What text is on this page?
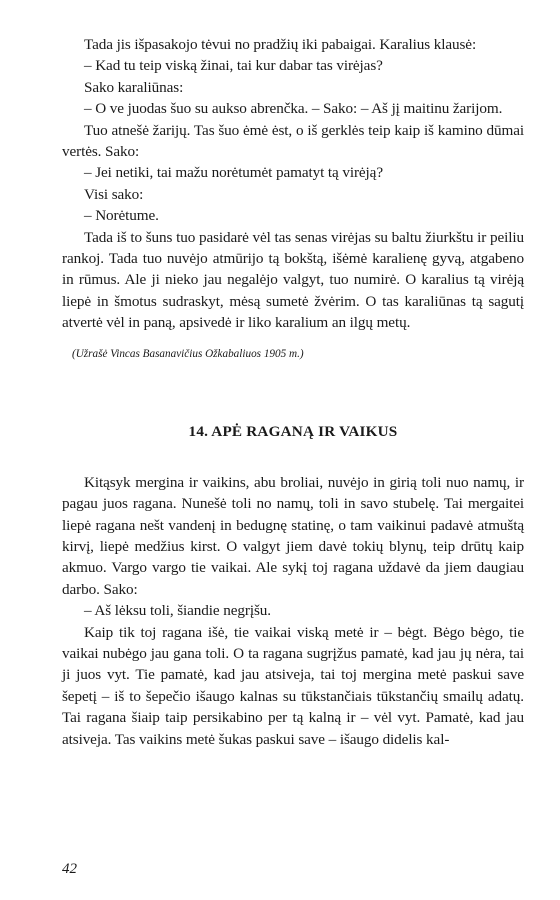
Tada jis išpasakojo tėvui no pradžių iki pabaigai. Karalius klausė:

– Kad tu teip viską žinai, tai kur dabar tas virėjas?

Sako karaliūnas:

– O ve juodas šuo su aukso abrenčka. – Sako: – Aš jį maitinu žarijom.

Tuo atnešė žarijų. Tas šuo ėmė ėst, o iš gerklės teip kaip iš kamino dūmai vertės. Sako:

– Jei netiki, tai mažu norėtumėt pamatyt tą virėją?

Visi sako:

– Norėtume.

Tada iš to šuns tuo pasidarė vėl tas senas virėjas su baltu žiurkštu ir peiliu rankoj. Tada tuo nuvėjo atmūrijo tą bokštą, išėmė karalienę gyvą, atgabeno in rūmus. Ale ji nieko jau negalėjo valgyt, tuo numirė. O karalius tą virėją liepė in šmotus sudraskyt, mėsą sumetė žvėrim. O tas karaliūnas tą sagutį atvertė vėl in paną, apsivedė ir liko karalium an ilgų metų.

(Užrašė Vincas Basanavičius Ožkabaliuos 1905 m.)

14. APĖ RAGANĄ IR VAIKUS

Kitąsyk mergina ir vaikins, abu broliai, nuvėjo in girią toli nuo namų, ir pagau juos ragana. Nunešė toli no namų, toli in savo stubelę. Tai mergaitei liepė ragana nešt vandenį in bedugnę statinę, o tam vaikinui padavė atmuštą kirvį, liepė medžius kirst. O valgyt jiem davė tokių blynų, teip drūtų kaip akmuo. Vargo vargo tie vaikai. Ale sykį toj ragana uždavė da jiem daugiau darbo. Sako:

– Aš lėksu toli, šiandie negrįšu.

Kaip tik toj ragana išė, tie vaikai viską metė ir – bėgt. Bėgo bėgo, tie vaikai nubėgo jau gana toli. O ta ragana sugrįžus pamatė, kad jau jų nėra, tai ji juos vyt. Tie pamatė, kad jau atsiveja, tai toj mergina metė paskui save šepetį – iš to šepečio išaugo kalnas su tūkstančiais tūkstančių smailų adatų. Tai ragana šiaip taip persikabino per tą kalną ir – vėl vyt. Pamatė, kad jau atsiveja. Tas vaikins metė šukas paskui save – išaugo didelis kal-

42
